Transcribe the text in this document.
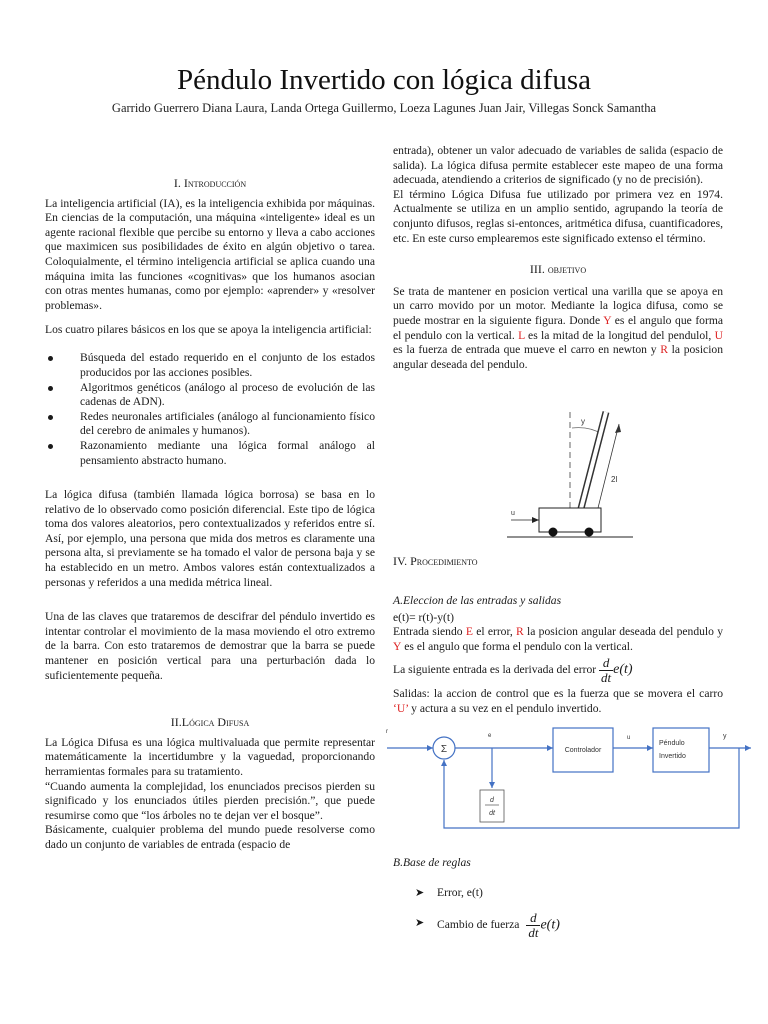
Péndulo Invertido con lógica difusa
Garrido Guerrero Diana Laura, Landa Ortega Guillermo, Loeza Lagunes Juan Jair, Villegas Sonck Samantha

I. Introducción

La inteligencia artificial (IA), es la inteligencia exhibida por máquinas. En ciencias de la computación, una máquina «inteligente» ideal es un agente racional flexible que percibe su entorno y lleva a cabo acciones que maximicen sus posibilidades de éxito en algún objetivo o tarea. Coloquialmente, el término inteligencia artificial se aplica cuando una máquina imita las funciones «cognitivas» que los humanos asocian con otras mentes humanas, como por ejemplo: «aprender» y «resolver problemas».

Los cuatro pilares básicos en los que se apoya la inteligencia artificial:

Búsqueda del estado requerido en el conjunto de los estados producidos por las acciones posibles.
Algoritmos genéticos (análogo al proceso de evolución de las cadenas de ADN).
Redes neuronales artificiales (análogo al funcionamiento físico del cerebro de animales y humanos).
Razonamiento mediante una lógica formal análogo al pensamiento abstracto humano.

La lógica difusa (también llamada lógica borrosa) se basa en lo relativo de lo observado como posición diferencial. Este tipo de lógica toma dos valores aleatorios, pero contextualizados y referidos entre sí. Así, por ejemplo, una persona que mida dos metros es claramente una persona alta, si previamente se ha tomado el valor de persona baja y se ha establecido en un metro. Ambos valores están contextualizados a personas y referidos a una medida métrica lineal.

Una de las claves que trataremos de descifrar del péndulo invertido es intentar controlar el movimiento de la masa moviendo el otro extremo de la barra. Con esto trataremos de demostrar que la barra se puede mantener en posición vertical para una perturbación dada lo suficientemente pequeña.

II.Lógica Difusa

La Lógica Difusa es una lógica multivaluada que permite representar matemáticamente la incertidumbre y la vaguedad, proporcionando herramientas formales para su tratamiento.

“Cuando aumenta la complejidad, los enunciados precisos pierden su significado y los enunciados útiles pierden precisión.”, que puede resumirse como que “los árboles no te dejan ver el bosque”.

Básicamente, cualquier problema del mundo puede resolverse como dado un conjunto de variables de entrada (espacio de

entrada), obtener un valor adecuado de variables de salida (espacio de salida). La lógica difusa permite establecer este mapeo de una forma adecuada, atendiendo a criterios de significado (y no de precisión).

El término Lógica Difusa fue utilizado por primera vez en 1974. Actualmente se utiliza en un amplio sentido, agrupando la teoría de conjunto difusos, reglas si-entonces, aritmética difusa, cuantificadores, etc. En este curso emplearemos este significado extenso el término.

III. objetivo

Se trata de mantener en posicion vertical una varilla que se apoya en un carro movido por un motor. Mediante la logica difusa, como se puede mostrar en la siguiente figura. Donde Y es el angulo que forma el pendulo con la vertical. L es la mitad de la longitud del pendulol, U es la fuerza de entrada que mueve el carro en newton y R la posicion angular deseada del pendulo.

y
2l
u

IV. Procedimiento

A.Eleccion de las entradas y salidas

e(t)= r(t)-y(t)

Entrada siendo E el error, R la posicion angular deseada del pendulo y Y es el angulo que forma el pendulo con la vertical.

La siguiente entrada es la derivada del error $\frac{d}{dt} e(t)$

Salidas: la accion de control que es la fuerza que se movera el carro ‘U’ y actura a su vez en el pendulo invertido.

r
Σ
e
d
dt
Controlador
u
Péndulo
Invertido
y

B.Base de reglas

➤ Error, e(t)
➤ Cambio de fuerza $\frac{d}{dt} e(t)$
